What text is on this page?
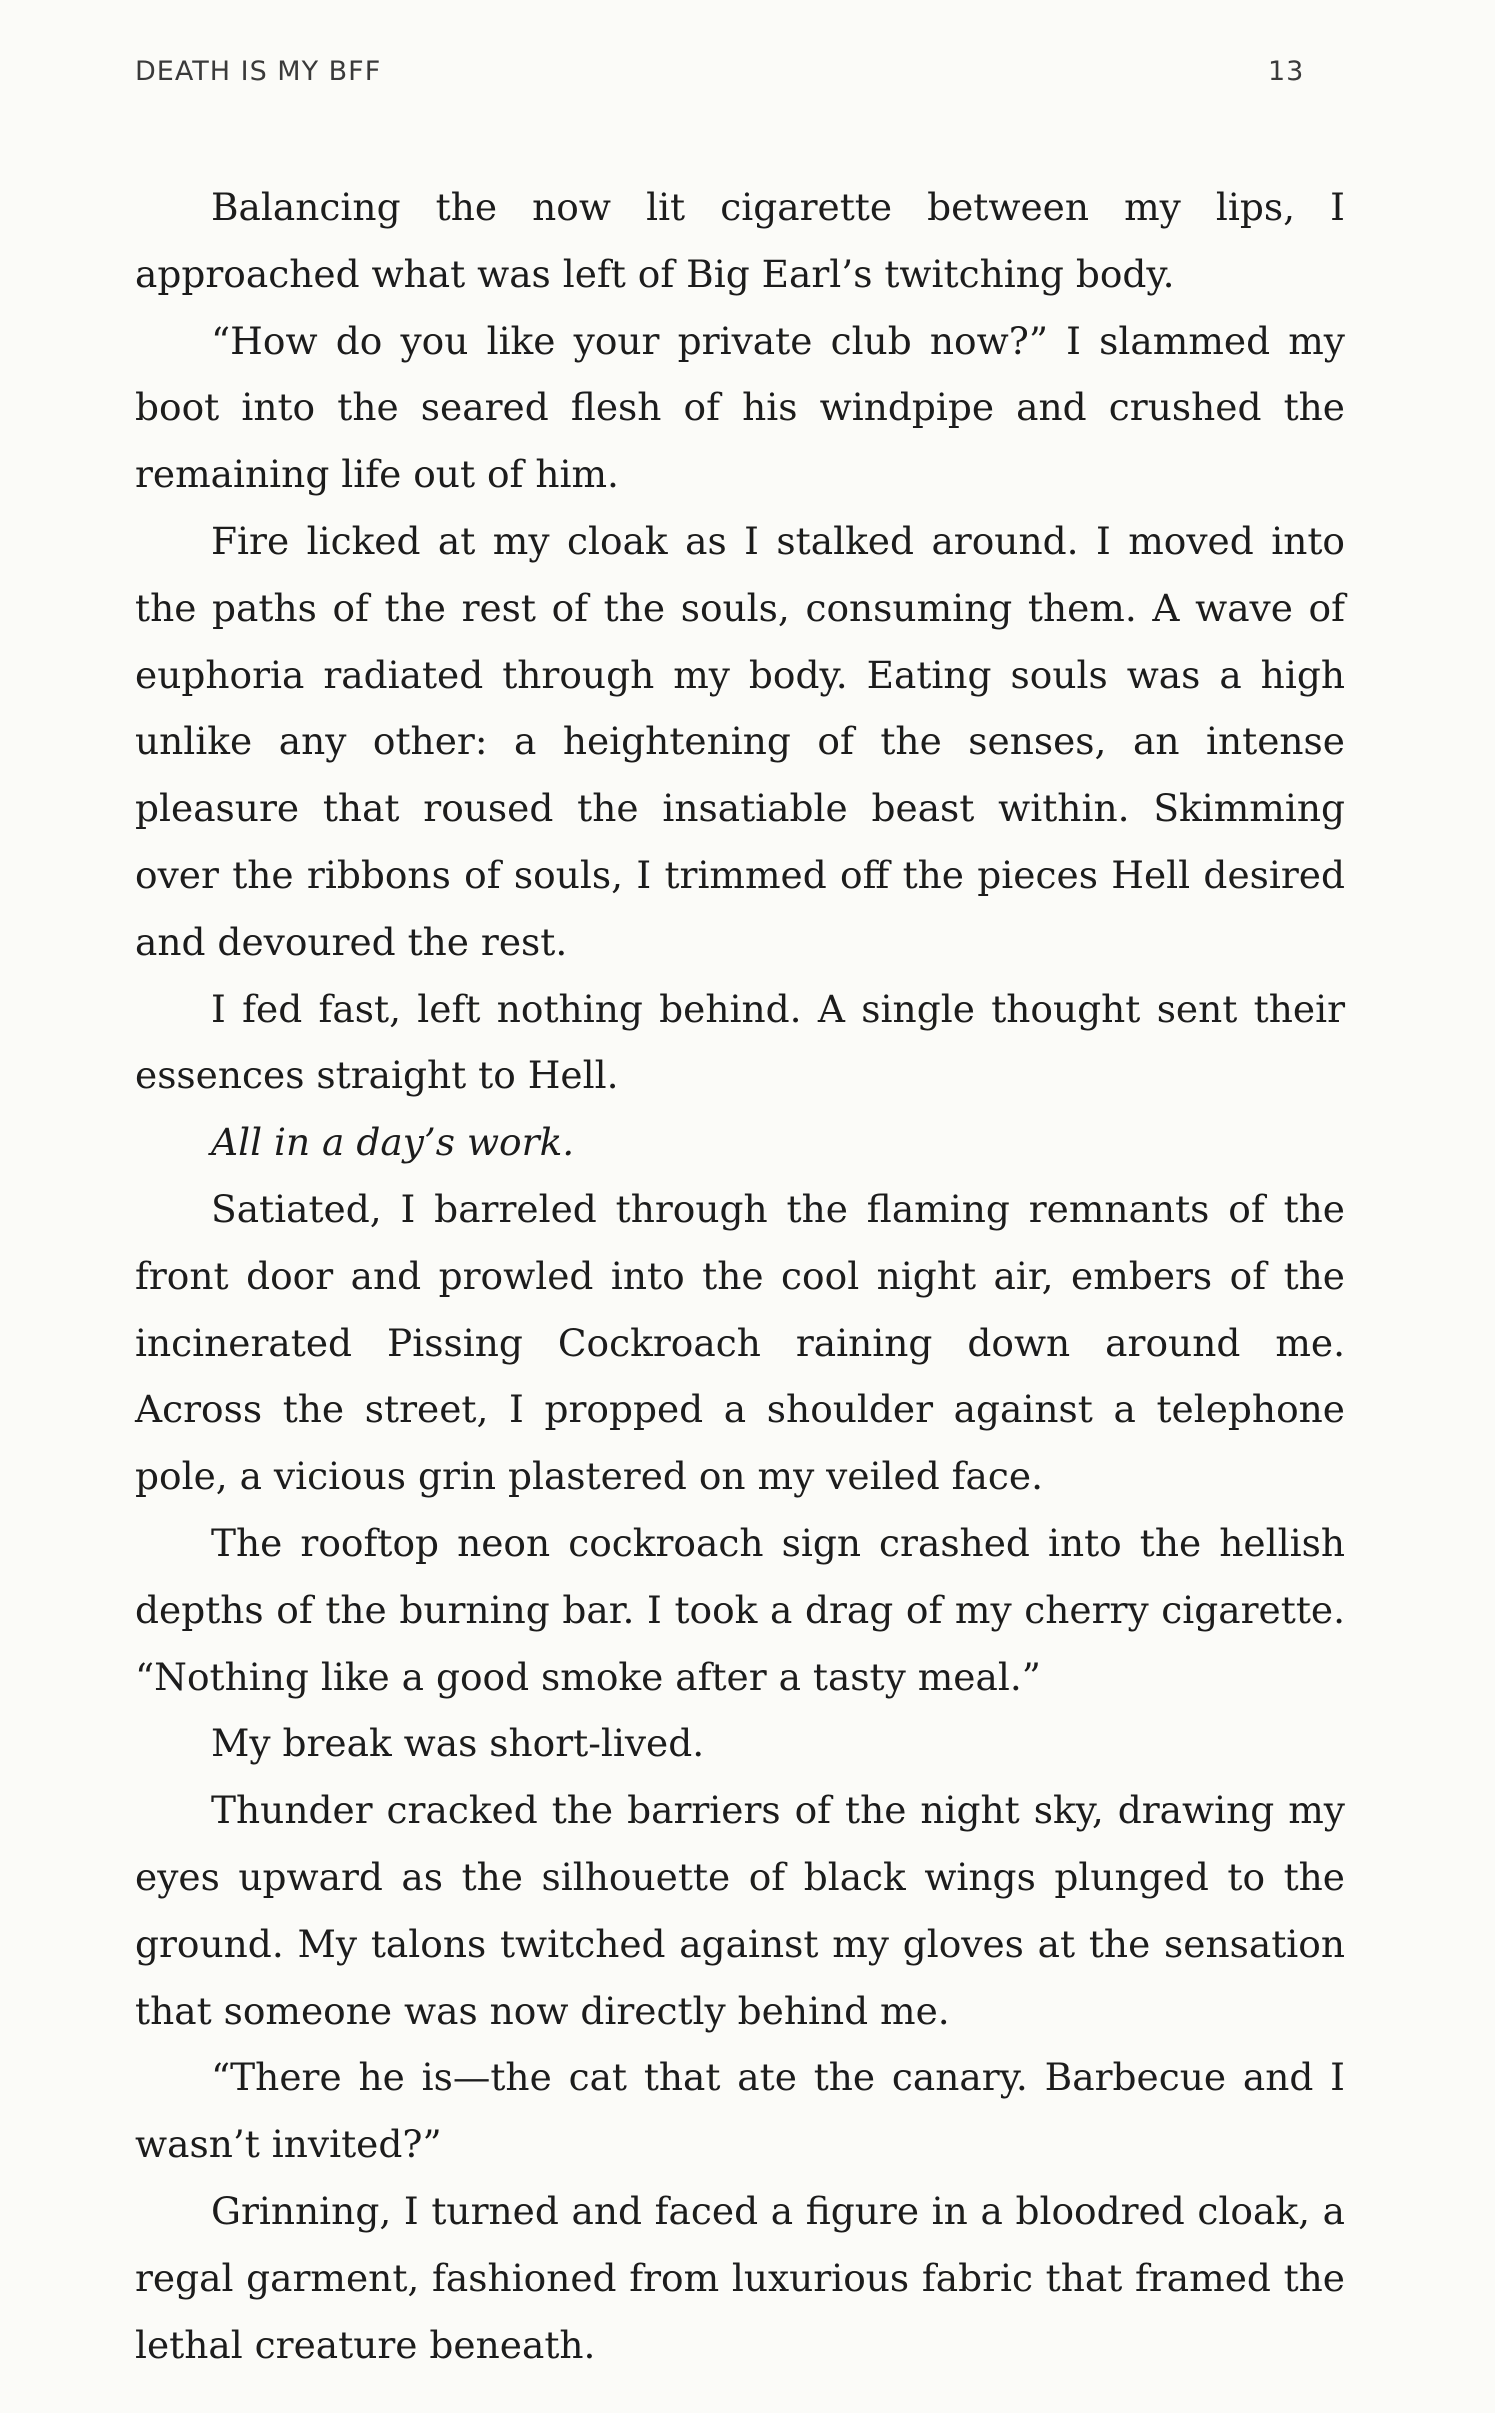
DEATH IS MY BFF	13

Balancing the now lit cigarette between my lips, I approached what was left of Big Earl’s twitching body.

“How do you like your private club now?” I slammed my boot into the seared flesh of his windpipe and crushed the remaining life out of him.

Fire licked at my cloak as I stalked around. I moved into the paths of the rest of the souls, consuming them. A wave of euphoria radiated through my body. Eating souls was a high unlike any other: a heightening of the senses, an intense pleasure that roused the insatiable beast within. Skimming over the ribbons of souls, I trimmed off the pieces Hell desired and devoured the rest.

I fed fast, left nothing behind. A single thought sent their essences straight to Hell.

All in a day’s work.

Satiated, I barreled through the flaming remnants of the front door and prowled into the cool night air, embers of the incinerated Pissing Cockroach raining down around me. Across the street, I propped a shoulder against a telephone pole, a vicious grin plastered on my veiled face.

The rooftop neon cockroach sign crashed into the hellish depths of the burning bar. I took a drag of my cherry cigarette. “Nothing like a good smoke after a tasty meal.”

My break was short-lived.

Thunder cracked the barriers of the night sky, drawing my eyes upward as the silhouette of black wings plunged to the ground. My talons twitched against my gloves at the sensation that someone was now directly behind me.

“There he is—the cat that ate the canary. Barbecue and I wasn’t invited?”

Grinning, I turned and faced a figure in a bloodred cloak, a regal garment, fashioned from luxurious fabric that framed the lethal creature beneath.
